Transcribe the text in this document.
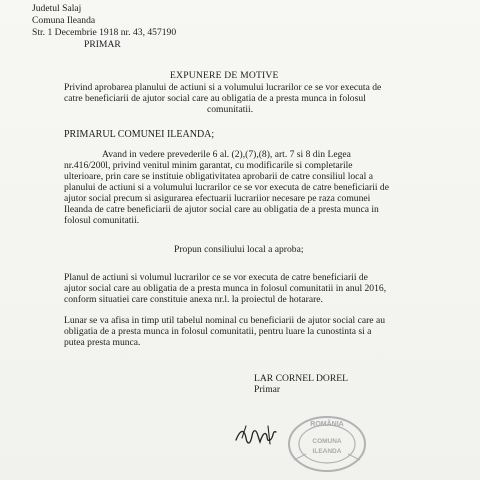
Judetul Salaj
Comuna Ileanda
Str. 1 Decembrie 1918 nr. 43, 457190
PRIMAR
EXPUNERE DE MOTIVE
Privind aprobarea planului de actiuni si a volumului lucrarilor ce se vor executa de
catre beneficiarii de ajutor social care au obligatia de a presta munca in folosul
comunitatii.
PRIMARUL COMUNEI ILEANDA;
Avand in vedere prevederile 6 al. (2),(7),(8), art. 7 si 8 din Legea
nr.416/200l, privind venitul minim garantat, cu modificarile si completarile
ulterioare, prin care se instituie obligativitatea aprobarii de catre consiliul local a
planului de actiuni si a volumului lucrarilor ce se vor executa de catre beneficiarii de
ajutor social precum si asigurarea efectuarii lucrariior necesare pe raza comunei
Ileanda de catre beneficiarii de ajutor social care au obligatia de a presta munca in
folosul comunitatii.
Propun consiliului local a aproba;
Planul de actiuni si volumul lucrarilor ce se vor executa de catre beneficiarii de
ajutor social care au obligatia de a presta munca in folosul comunitatii in anul 2016,
conform situatiei care constituie anexa nr.l. la proiectul de hotarare.
Lunar se va afisa in timp util tabelul nominal cu beneficiarii de ajutor social care au
obligatia de a presta munca in folosul comunitatii, pentru luare la cunostinta si a
putea presta munca.
LAR CORNEL DOREL
Primar
ROMÂNIA
COMUNA
ILEANDA
